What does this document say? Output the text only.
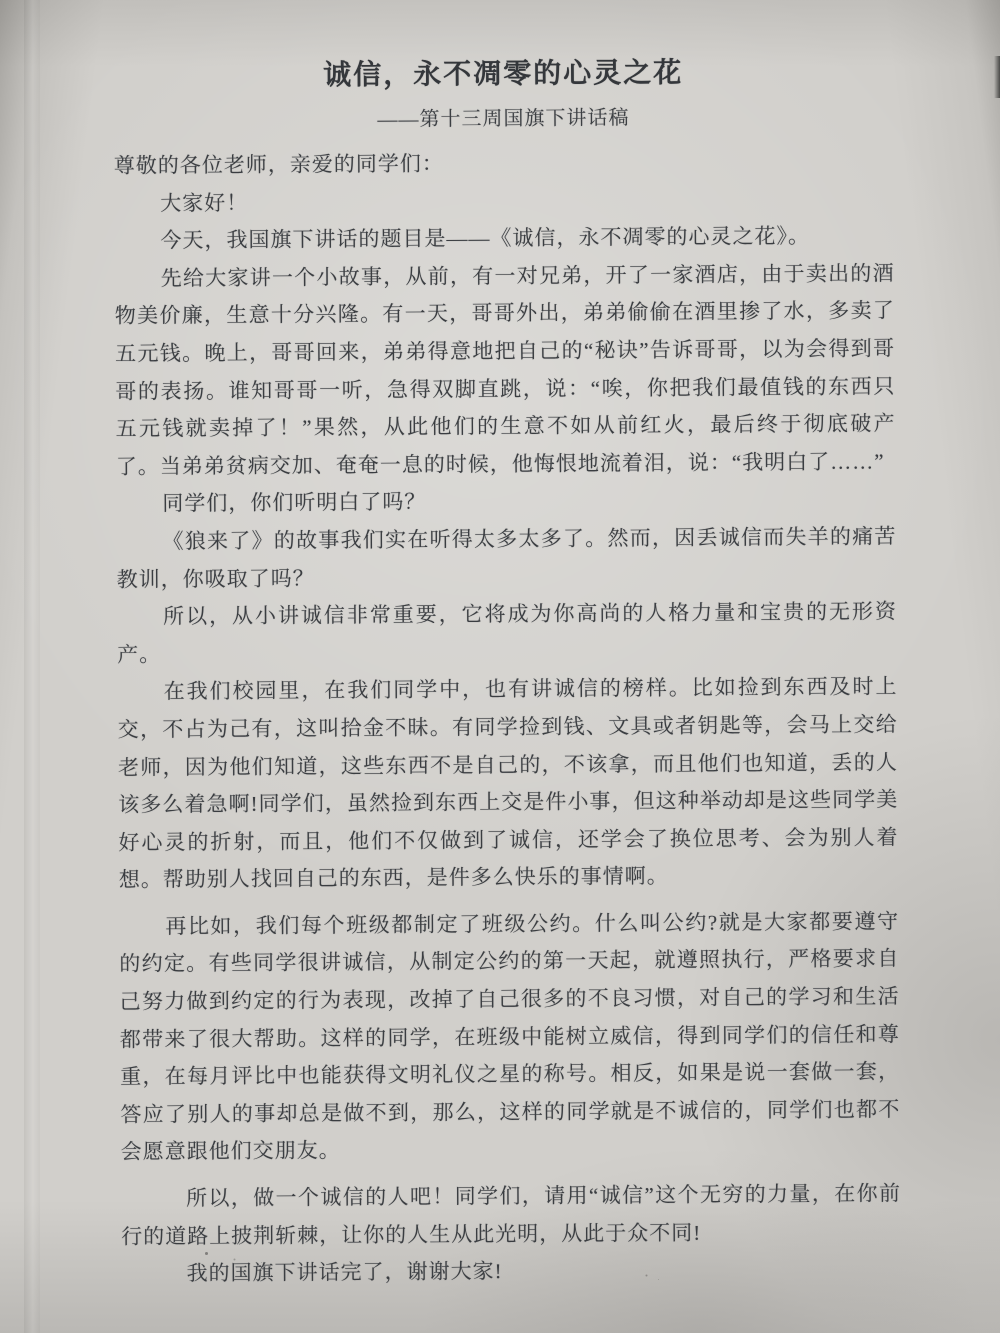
诚信，永不凋零的心灵之花
——第十三周国旗下讲话稿

尊敬的各位老师，亲爱的同学们：

大家好！

今天，我国旗下讲话的题目是——《诚信，永不凋零的心灵之花》。

先给大家讲一个小故事，从前，有一对兄弟，开了一家酒店，由于卖出的酒物美价廉，生意十分兴隆。有一天，哥哥外出，弟弟偷偷在酒里掺了水，多卖了五元钱。晚上，哥哥回来，弟弟得意地把自己的“秘诀”告诉哥哥，以为会得到哥哥的表扬。谁知哥哥一听，急得双脚直跳，说：“唉，你把我们最值钱的东西只五元钱就卖掉了！”果然，从此他们的生意不如从前红火，最后终于彻底破产了。当弟弟贫病交加、奄奄一息的时候，他悔恨地流着泪，说：“我明白了……”

同学们，你们听明白了吗？

《狼来了》的故事我们实在听得太多太多了。然而，因丢诚信而失羊的痛苦教训，你吸取了吗？

所以，从小讲诚信非常重要，它将成为你高尚的人格力量和宝贵的无形资产。

在我们校园里，在我们同学中，也有讲诚信的榜样。比如捡到东西及时上交，不占为己有，这叫拾金不昧。有同学捡到钱、文具或者钥匙等，会马上交给老师，因为他们知道，这些东西不是自己的，不该拿，而且他们也知道，丢的人该多么着急啊!同学们，虽然捡到东西上交是件小事，但这种举动却是这些同学美好心灵的折射，而且，他们不仅做到了诚信，还学会了换位思考、会为别人着想。帮助别人找回自己的东西，是件多么快乐的事情啊。

再比如，我们每个班级都制定了班级公约。什么叫公约?就是大家都要遵守的约定。有些同学很讲诚信，从制定公约的第一天起，就遵照执行，严格要求自己努力做到约定的行为表现，改掉了自己很多的不良习惯，对自己的学习和生活都带来了很大帮助。这样的同学，在班级中能树立威信，得到同学们的信任和尊重，在每月评比中也能获得文明礼仪之星的称号。相反，如果是说一套做一套，答应了别人的事却总是做不到，那么，这样的同学就是不诚信的，同学们也都不会愿意跟他们交朋友。

所以，做一个诚信的人吧！同学们，请用“诚信”这个无穷的力量，在你前行的道路上披荆斩棘，让你的人生从此光明，从此于众不同!

我的国旗下讲话完了，谢谢大家!
